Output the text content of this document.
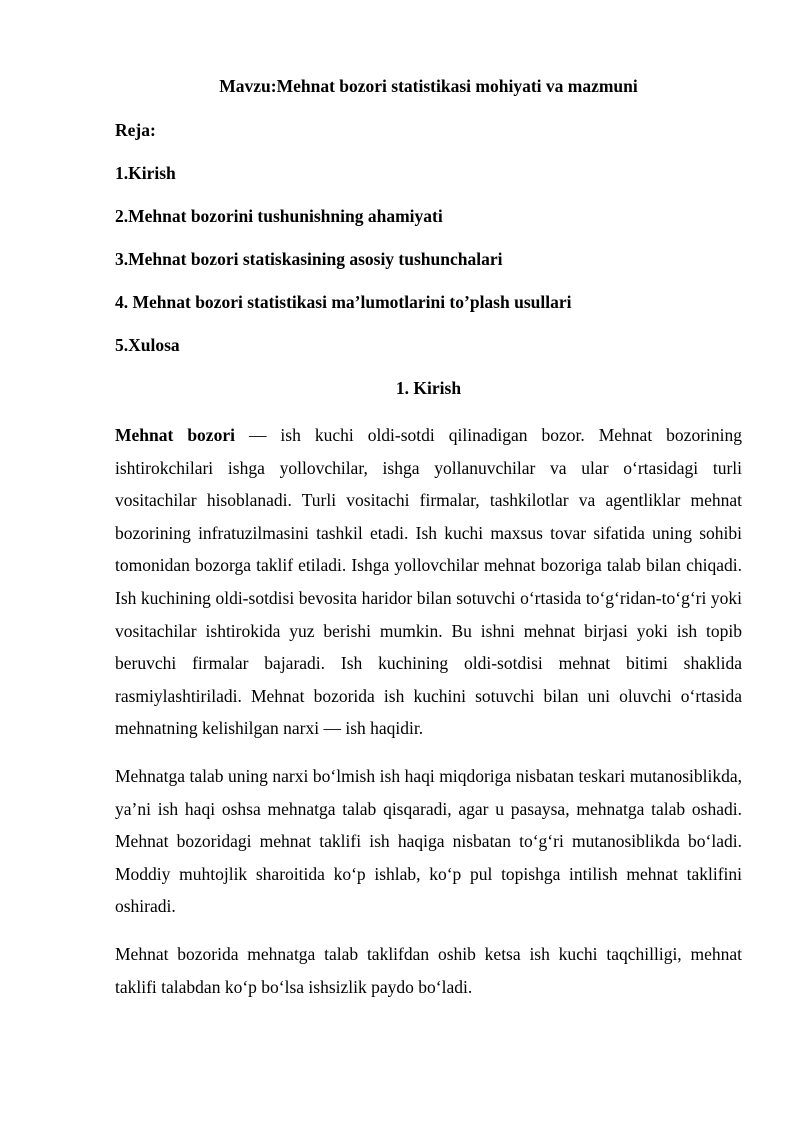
Mavzu:Mehnat bozori statistikasi mohiyati va mazmuni
Reja:
1.Kirish
2.Mehnat bozorini tushunishning ahamiyati
3.Mehnat bozori statiskasining asosiy tushunchalari
4. Mehnat bozori statistikasi ma’lumotlarini to’plash usullari
5.Xulosa
1. Kirish

Mehnat bozori — ish kuchi oldi-sotdi qilinadigan bozor. Mehnat bozorining ishtirokchilari ishga yollovchilar, ishga yollanuvchilar va ular oʻrtasidagi turli vositachilar hisoblanadi. Turli vositachi firmalar, tashkilotlar va agentliklar mehnat bozorining infratuzilmasini tashkil etadi. Ish kuchi maxsus tovar sifatida uning sohibi tomonidan bozorga taklif etiladi. Ishga yollovchilar mehnat bozoriga talab bilan chiqadi. Ish kuchining oldi-sotdisi bevosita haridor bilan sotuvchi oʻrtasida toʻgʻridan-toʻgʻri yoki vositachilar ishtirokida yuz berishi mumkin. Bu ishni mehnat birjasi yoki ish topib beruvchi firmalar bajaradi. Ish kuchining oldi-sotdisi mehnat bitimi shaklida rasmiylashtiriladi. Mehnat bozorida ish kuchini sotuvchi bilan uni oluvchi oʻrtasida mehnatning kelishilgan narxi — ish haqidir.

Mehnatga talab uning narxi boʻlmish ish haqi miqdoriga nisbatan teskari mutanosiblikda, ya’ni ish haqi oshsa mehnatga talab qisqaradi, agar u pasaysa, mehnatga talab oshadi. Mehnat bozoridagi mehnat taklifi ish haqiga nisbatan toʻgʻri mutanosiblikda boʻladi. Moddiy muhtojlik sharoitida koʻp ishlab, koʻp pul topishga intilish mehnat taklifini oshiradi.

Mehnat bozorida mehnatga talab taklifdan oshib ketsa ish kuchi taqchilligi, mehnat taklifi talabdan koʻp boʻlsa ishsizlik paydo boʻladi.
